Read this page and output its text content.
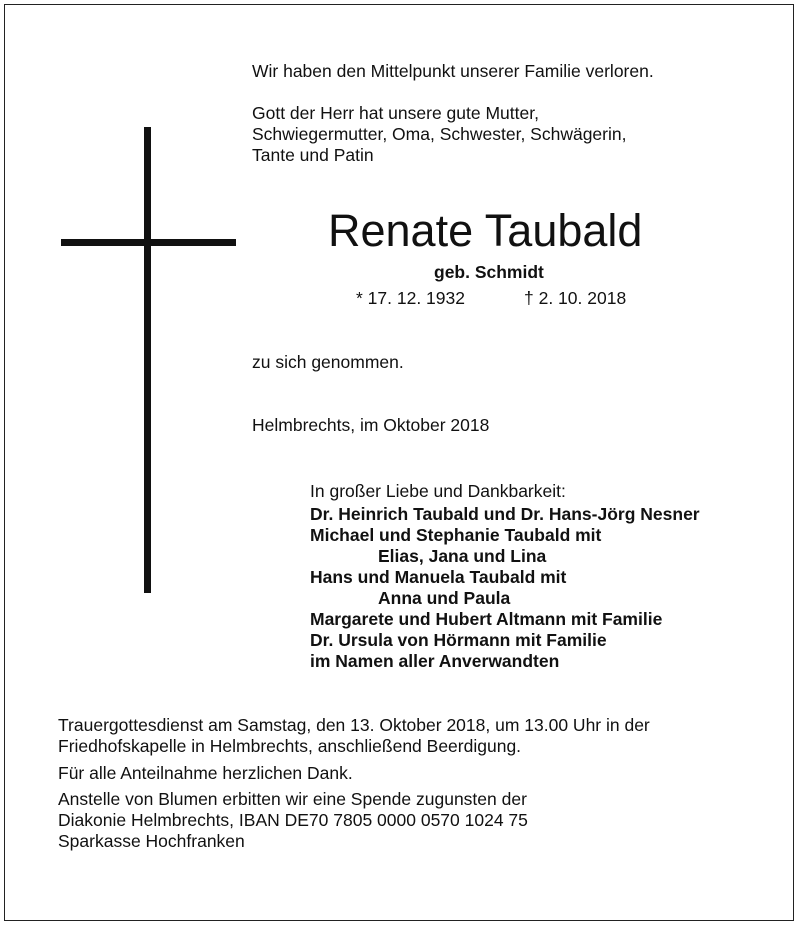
Wir haben den Mittelpunkt unserer Familie verloren.
Gott der Herr hat unsere gute Mutter,
Schwiegermutter, Oma, Schwester, Schwägerin,
Tante und Patin
Renate Taubald
geb. Schmidt
* 17. 12. 1932	† 2. 10. 2018
zu sich genommen.
Helmbrechts, im Oktober 2018
In großer Liebe und Dankbarkeit:
Dr. Heinrich Taubald und Dr. Hans-Jörg Nesner
Michael und Stephanie Taubald mit
Elias, Jana und Lina
Hans und Manuela Taubald mit
Anna und Paula
Margarete und Hubert Altmann mit Familie
Dr. Ursula von Hörmann mit Familie
im Namen aller Anverwandten
Trauergottesdienst am Samstag, den 13. Oktober 2018, um 13.00 Uhr in der
Friedhofskapelle in Helmbrechts, anschließend Beerdigung.
Für alle Anteilnahme herzlichen Dank.
Anstelle von Blumen erbitten wir eine Spende zugunsten der
Diakonie Helmbrechts, IBAN DE70 7805 0000 0570 1024 75
Sparkasse Hochfranken
